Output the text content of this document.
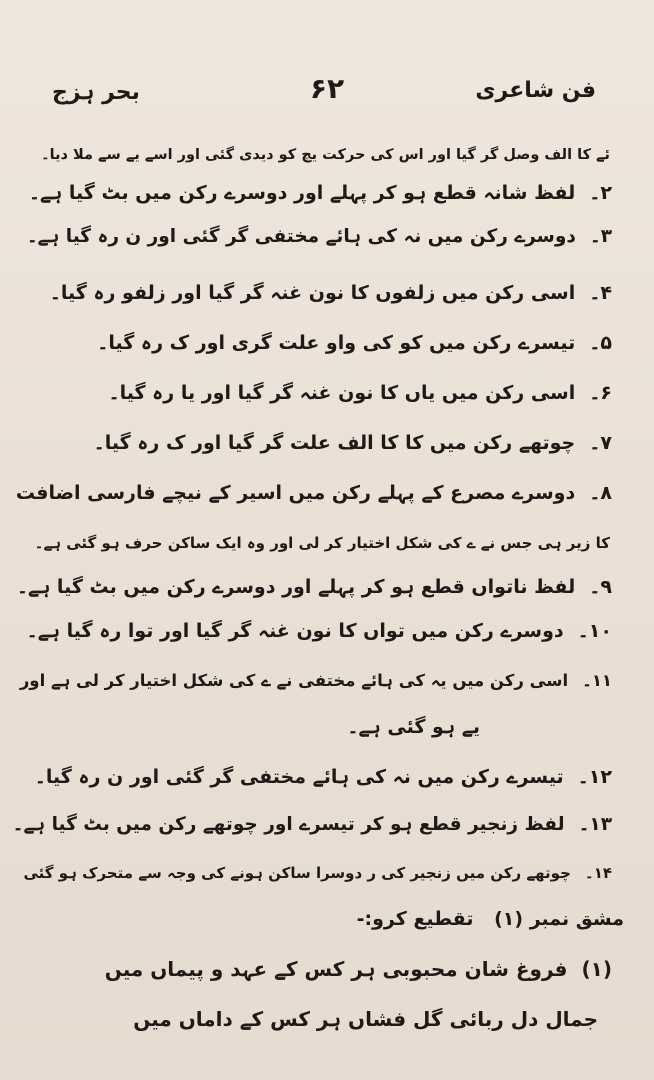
فن شاعری
۶۲
بحر ہزج
ئے کا الف وصل گر گیا اور اس کی حرکت یچ کو دیدی گئی اور اسے یے سے ملا دیا۔
۲۔لفظ شانہ قطع ہو کر پہلے اور دوسرے رکن میں بٹ گیا ہے۔
۳۔دوسرے رکن میں نہ کی ہائے مختفی گر گئی اور ن رہ گیا ہے۔
۴۔اسی رکن میں زلفوں کا نون غنہ گر گیا اور زلفو رہ گیا۔
۵۔تیسرے رکن میں کو کی واو علت گری اور ک رہ گیا۔
۶۔اسی رکن میں یاں کا نون غنہ گر گیا اور یا رہ گیا۔
۷۔چوتھے رکن میں کا کا الف علت گر گیا اور ک رہ گیا۔
۸۔دوسرے مصرع کے پہلے رکن میں اسیر کے نیچے فارسی اضافت
کا زیر ہی جس نے ے کی شکل اختیار کر لی اور وہ ایک ساکن حرف ہو گئی ہے۔
۹۔لفظ ناتواں قطع ہو کر پہلے اور دوسرے رکن میں بٹ گیا ہے۔
۱۰۔دوسرے رکن میں تواں کا نون غنہ گر گیا اور توا رہ گیا ہے۔
۱۱۔اسی رکن میں یہ کی ہائے مختفی نے ے کی شکل اختیار کر لی ہے اور
یے ہو گئی ہے۔
۱۲۔تیسرے رکن میں نہ کی ہائے مختفی گر گئی اور ن رہ گیا۔
۱۳۔لفظ زنجیر قطع ہو کر تیسرے اور چوتھے رکن میں بٹ گیا ہے۔
۱۴۔چوتھے رکن میں زنجیر کی ر دوسرا ساکن ہونے کی وجہ سے متحرک ہو گئی
مشق نمبر (۱) تقطیع کرو:-
(۱)فروغ شان محبوبی ہر کس کے عہد و پیماں میں
جمال دل ربائی گل فشاں ہر کس کے داماں میں
